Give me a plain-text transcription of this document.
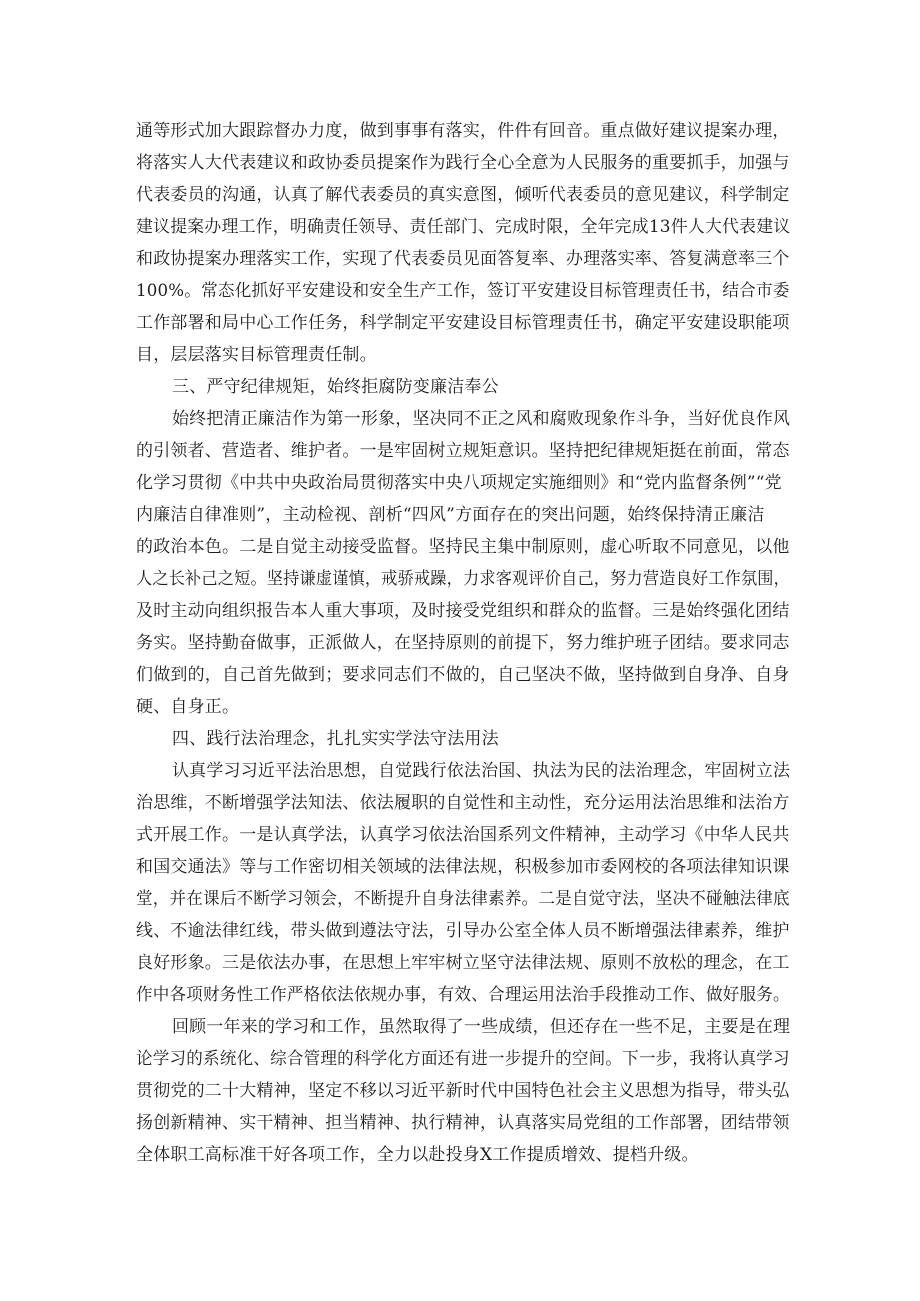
通等形式加大跟踪督办力度，做到事事有落实，件件有回音。重点做好建议提案办理，
将落实人大代表建议和政协委员提案作为践行全心全意为人民服务的重要抓手，加强与
代表委员的沟通，认真了解代表委员的真实意图，倾听代表委员的意见建议，科学制定
建议提案办理工作，明确责任领导、责任部门、完成时限，全年完成13件人大代表建议
和政协提案办理落实工作，实现了代表委员见面答复率、办理落实率、答复满意率三个
100%。常态化抓好平安建设和安全生产工作，签订平安建设目标管理责任书，结合市委
工作部署和局中心工作任务，科学制定平安建设目标管理责任书，确定平安建设职能项
目，层层落实目标管理责任制。
三、严守纪律规矩，始终拒腐防变廉洁奉公
始终把清正廉洁作为第一形象，坚决同不正之风和腐败现象作斗争，当好优良作风
的引领者、营造者、维护者。一是牢固树立规矩意识。坚持把纪律规矩挺在前面，常态
化学习贯彻《中共中央政治局贯彻落实中央八项规定实施细则》和“党内监督条例”“党
内廉洁自律准则”，主动检视、剖析“四风”方面存在的突出问题，始终保持清正廉洁
的政治本色。二是自觉主动接受监督。坚持民主集中制原则，虚心听取不同意见，以他
人之长补己之短。坚持谦虚谨慎，戒骄戒躁，力求客观评价自己，努力营造良好工作氛围，
及时主动向组织报告本人重大事项，及时接受党组织和群众的监督。三是始终强化团结
务实。坚持勤奋做事，正派做人，在坚持原则的前提下，努力维护班子团结。要求同志
们做到的，自己首先做到；要求同志们不做的，自己坚决不做，坚持做到自身净、自身
硬、自身正。
四、践行法治理念，扎扎实实学法守法用法
认真学习习近平法治思想，自觉践行依法治国、执法为民的法治理念，牢固树立法
治思维，不断增强学法知法、依法履职的自觉性和主动性，充分运用法治思维和法治方
式开展工作。一是认真学法，认真学习依法治国系列文件精神，主动学习《中华人民共
和国交通法》等与工作密切相关领域的法律法规，积极参加市委网校的各项法律知识课
堂，并在课后不断学习领会，不断提升自身法律素养。二是自觉守法，坚决不碰触法律底
线、不逾法律红线，带头做到遵法守法，引导办公室全体人员不断增强法律素养，维护
良好形象。三是依法办事，在思想上牢牢树立坚守法律法规、原则不放松的理念，在工
作中各项财务性工作严格依法依规办事，有效、合理运用法治手段推动工作、做好服务。
回顾一年来的学习和工作，虽然取得了一些成绩，但还存在一些不足，主要是在理
论学习的系统化、综合管理的科学化方面还有进一步提升的空间。下一步，我将认真学习
贯彻党的二十大精神，坚定不移以习近平新时代中国特色社会主义思想为指导，带头弘
扬创新精神、实干精神、担当精神、执行精神，认真落实局党组的工作部署，团结带领
全体职工高标准干好各项工作，全力以赴投身X工作提质增效、提档升级。
